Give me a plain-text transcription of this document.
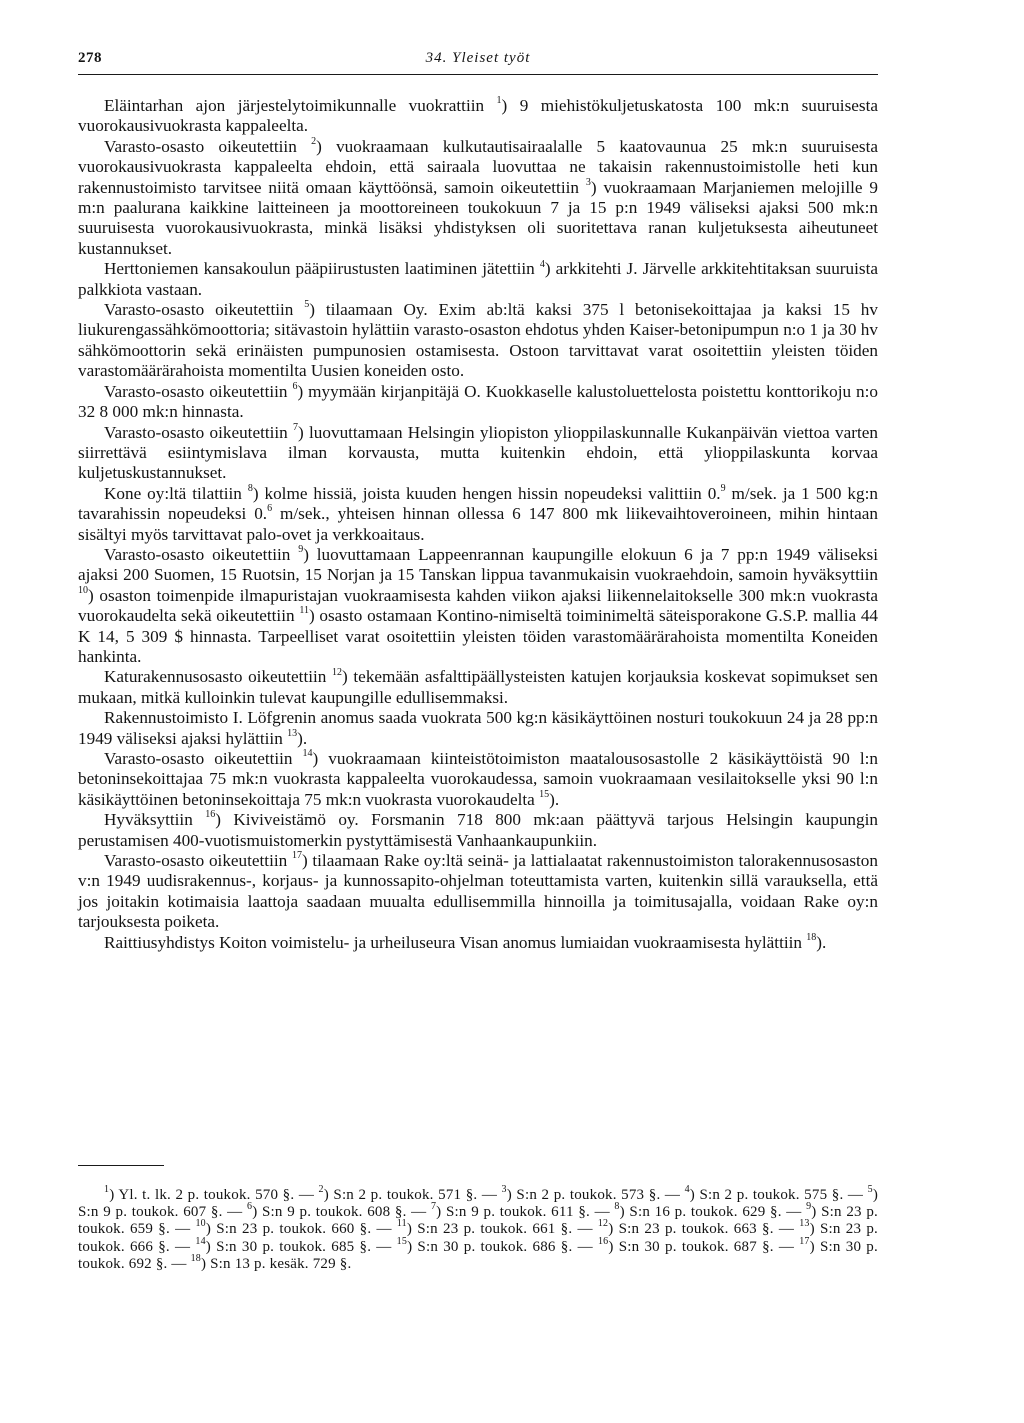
278	34. Yleiset työt

Eläintarhan ajon järjestelytoimikunnalle vuokrattiin $^1$) 9 miehistökuljetuskatosta 100 mk:n suuruisesta vuorokausivuokrasta kappaleelta.

Varasto-osasto oikeutettiin $^2$) vuokraamaan kulkutautisairaalalle 5 kaatovaunua 25 mk:n suuruisesta vuorokausivuokrasta kappaleelta ehdoin, että sairaala luovuttaa ne takaisin rakennustoimistolle heti kun rakennustoimisto tarvitsee niitä omaan käyttöönsä, samoin oikeutettiin $^3$) vuokraamaan Marjaniemen melojille 9 m:n paalurana kaikkine laitteineen ja moottoreineen toukokuun 7 ja 15 p:n 1949 väliseksi ajaksi 500 mk:n suuruisesta vuorokausivuokrasta, minkä lisäksi yhdistyksen oli suoritettava ranan kuljetuksesta aiheutuneet kustannukset.

Herttoniemen kansakoulun pääpiirustusten laatiminen jätettiin $^4$) arkkitehti J. Järvelle arkkitehtitaksan suuruista palkkiota vastaan.

Varasto-osasto oikeutettiin $^5$) tilaamaan Oy. Exim ab:ltä kaksi 375 l betonisekoittajaa ja kaksi 15 hv liukurengassähkömoottoria; sitävastoin hylättiin varasto-osaston ehdotus yhden Kaiser-betonipumpun n:o 1 ja 30 hv sähkömoottorin sekä erinäisten pumpunosien ostamisesta. Ostoon tarvittavat varat osoitettiin yleisten töiden varastomäärärahoista momentilta Uusien koneiden osto.

Varasto-osasto oikeutettiin $^6$) myymään kirjanpitäjä O. Kuokkaselle kalustoluettelosta poistettu konttorikoju n:o 32 8 000 mk:n hinnasta.

Varasto-osasto oikeutettiin $^7$) luovuttamaan Helsingin yliopiston ylioppilaskunnalle Kukanpäivän viettoa varten siirrettävä esiintymislava ilman korvausta, mutta kuitenkin ehdoin, että ylioppilaskunta korvaa kuljetuskustannukset.

Kone oy:ltä tilattiin $^8$) kolme hissiä, joista kuuden hengen hissin nopeudeksi valittiin 0.$^9$ m/sek. ja 1 500 kg:n tavarahissin nopeudeksi 0.$^6$ m/sek., yhteisen hinnan ollessa 6 147 800 mk liikevaihtoveroineen, mihin hintaan sisältyi myös tarvittavat palo-ovet ja verkkoaitaus.

Varasto-osasto oikeutettiin $^9$) luovuttamaan Lappeenrannan kaupungille elokuun 6 ja 7 pp:n 1949 väliseksi ajaksi 200 Suomen, 15 Ruotsin, 15 Norjan ja 15 Tanskan lippua tavanmukaisin vuokraehdoin, samoin hyväksyttiin $^{10}$) osaston toimenpide ilmapuristajan vuokraamisesta kahden viikon ajaksi liikennelaitokselle 300 mk:n vuokrasta vuorokaudelta sekä oikeutettiin $^{11}$) osasto ostamaan Kontino-nimiseltä toiminimeltä säteisporakone G.S.P. mallia 44 K 14, 5 309 $ hinnasta. Tarpeelliset varat osoitettiin yleisten töiden varastomäärärahoista momentilta Koneiden hankinta.

Katurakennusosasto oikeutettiin $^{12}$) tekemään asfalttipäällysteisten katujen korjauksia koskevat sopimukset sen mukaan, mitkä kulloinkin tulevat kaupungille edullisemmaksi.

Rakennustoimisto I. Löfgrenin anomus saada vuokrata 500 kg:n käsikäyttöinen nosturi toukokuun 24 ja 28 pp:n 1949 väliseksi ajaksi hylättiin $^{13}$).

Varasto-osasto oikeutettiin $^{14}$) vuokraamaan kiinteistötoimiston maatalousosastolle 2 käsikäyttöistä 90 l:n betoninsekoittajaa 75 mk:n vuokrasta kappaleelta vuorokaudessa, samoin vuokraamaan vesilaitokselle yksi 90 l:n käsikäyttöinen betoninsekoittaja 75 mk:n vuokrasta vuorokaudelta $^{15}$).

Hyväksyttiin $^{16}$) Kiviveistämö oy. Forsmanin 718 800 mk:aan päättyvä tarjous Helsingin kaupungin perustamisen 400-vuotismuistomerkin pystyttämisestä Vanhaankaupunkiin.

Varasto-osasto oikeutettiin $^{17}$) tilaamaan Rake oy:ltä seinä- ja lattialaatat rakennustoimiston talorakennusosaston v:n 1949 uudisrakennus-, korjaus- ja kunnossapito-ohjelman toteuttamista varten, kuitenkin sillä varauksella, että jos joitakin kotimaisia laattoja saadaan muualta edullisemmilla hinnoilla ja toimitusajalla, voidaan Rake oy:n tarjouksesta poiketa.

Raittiusyhdistys Koiton voimistelu- ja urheiluseura Visan anomus lumiaidan vuokraamisesta hylättiin $^{18}$).

$^1$) Yl. t. lk. 2 p. toukok. 570 §. — $^2$) S:n 2 p. toukok. 571 §. — $^3$) S:n 2 p. toukok. 573 §. — $^4$) S:n 2 p. toukok. 575 §. — $^5$) S:n 9 p. toukok. 607 §. — $^6$) S:n 9 p. toukok. 608 §. — $^7$) S:n 9 p. toukok. 611 §. — $^8$) S:n 16 p. toukok. 629 §. — $^9$) S:n 23 p. toukok. 659 §. — $^{10}$) S:n 23 p. toukok. 660 §. — $^{11}$) S:n 23 p. toukok. 661 §. — $^{12}$) S:n 23 p. toukok. 663 §. — $^{13}$) S:n 23 p. toukok. 666 §. — $^{14}$) S:n 30 p. toukok. 685 §. — $^{15}$) S:n 30 p. toukok. 686 §. — $^{16}$) S:n 30 p. toukok. 687 §. — $^{17}$) S:n 30 p. toukok. 692 §. — $^{18}$) S:n 13 p. kesäk. 729 §.
